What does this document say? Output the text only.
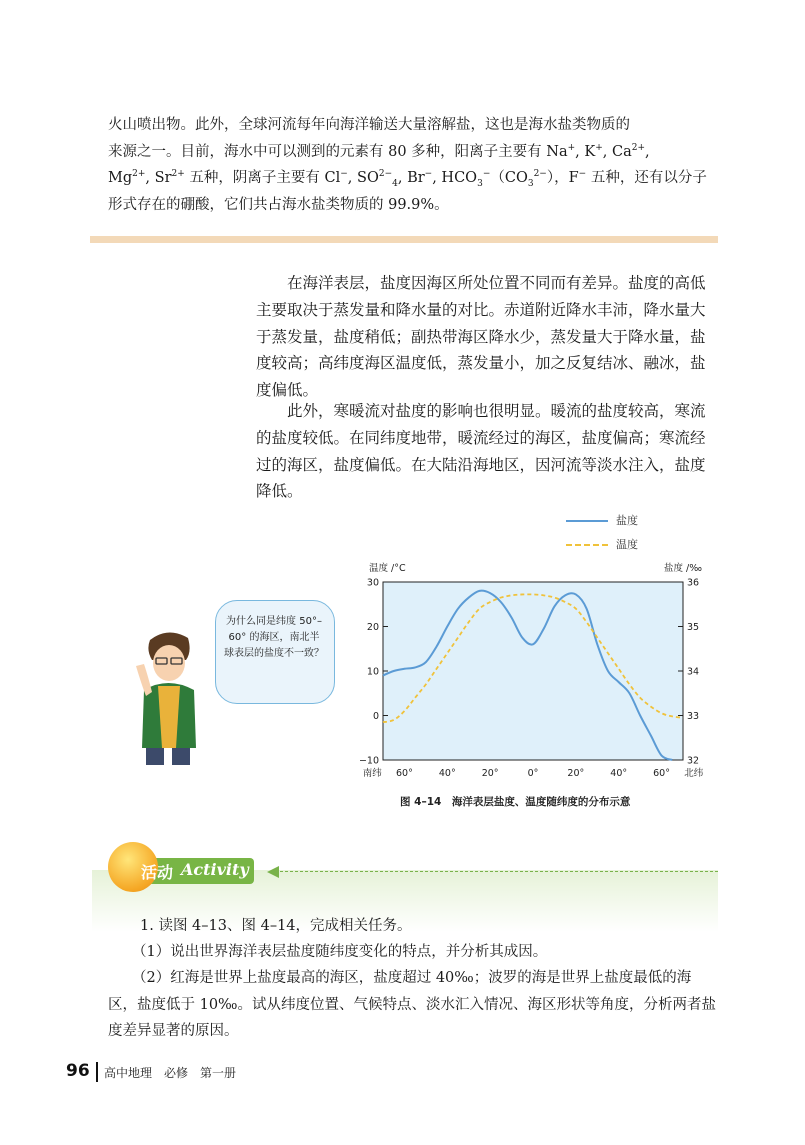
火山喷出物。此外，全球河流每年向海洋输送大量溶解盐，这也是海水盐类物质的

来源之一。目前，海水中可以测到的元素有 80 多种，阳离子主要有 Na+, K+, $Ca^{2+}$,

$Mg^{2+}$, $Sr^{2+}$ 五种，阴离子主要有 Cl−, $SO^{2-}_4$, Br−, $HCO_3^-(CO_3^{2-})$，F− 五种，还有以分子

形式存在的硼酸，它们共占海水盐类物质的 99.9%。

在海洋表层，盐度因海区所处位置不同而有差异。盐度的高低主要取决于蒸发量和降水量的对比。赤道附近降水丰沛，降水量大于蒸发量，盐度稍低；副热带海区降水少，蒸发量大于降水量，盐度较高；高纬度海区温度低，蒸发量小，加之反复结冰、融冰，盐度偏低。

此外，寒暖流对盐度的影响也很明显。暖流的盐度较高，寒流的盐度较低。在同纬度地带，暖流经过的海区，盐度偏高；寒流经过的海区，盐度偏低。在大陆沿海地区，因河流等淡水注入，盐度降低。

盐度
温度
温度 /°C	盐度 /‰
30
20
10
0
−10
36
35
34
33
32
南纬 60°	40°	20°	0°	20°	40°	60° 北纬
为什么同是纬度 50°–60° 的海区，南北半球表层的盐度不一致？
图 4–14　海洋表层盐度、温度随纬度的分布示意
活动 Activity

1. 读图 4–13、图 4–14，完成相关任务。

（1）说出世界海洋表层盐度随纬度变化的特点，并分析其成因。

（2）红海是世界上盐度最高的海区，盐度超过 40‰；波罗的海是世界上盐度最低的海区，盐度低于 10‰。试从纬度位置、气候特点、淡水汇入情况、海区形状等角度，分析两者盐度差异显著的原因。

96 高中地理　必修　第一册
